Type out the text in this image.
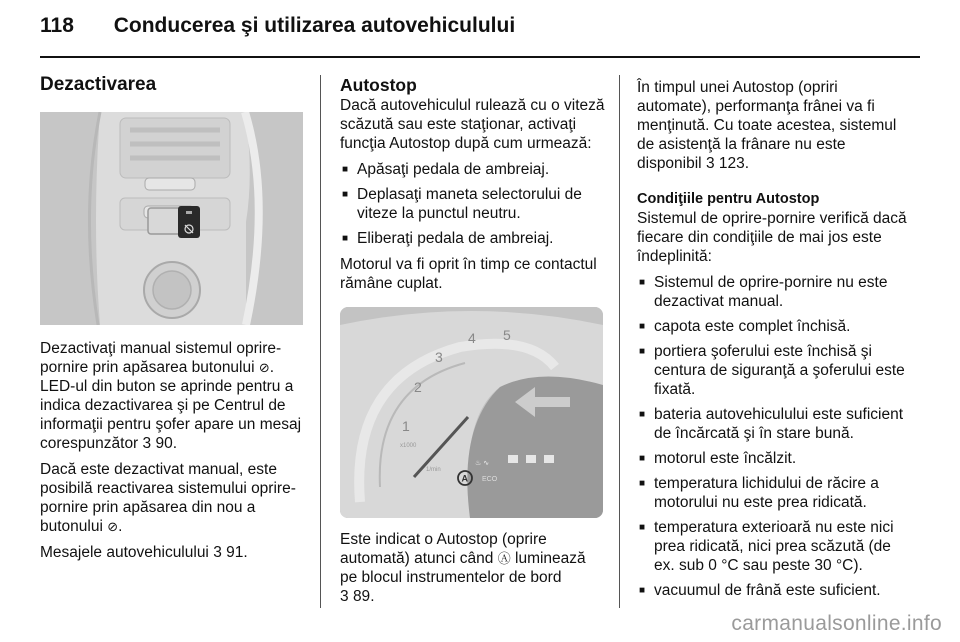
118 Conducerea şi utilizarea autovehiculului
Dezactivarea

Dezactivaţi manual sistemul oprire-pornire prin apăsarea butonului ⊘. LED-ul din buton se aprinde pentru a indica dezactivarea şi pe Centrul de informaţii pentru şofer apare un mesaj corespunzător 3 90.

Dacă este dezactivat manual, este posibilă reactivarea sistemului oprire-pornire prin apăsarea din nou a butonului ⊘.

Mesajele autovehiculului 3 91.

Autostop

Dacă autovehiculul rulează cu o viteză scăzută sau este staţionar, activaţi funcţia Autostop după cum urmează:

■ Apăsaţi pedala de ambreiaj.
■ Deplasaţi maneta selectorului de viteze la punctul neutru.
■ Eliberaţi pedala de ambreiaj.

Motorul va fi oprit în timp ce contactul rămâne cuplat.

1
2
3
4 5
x1000
1/min
♨ ∿
A ECO

Este indicat o Autostop (oprire automată) atunci când Ⓐ luminează pe blocul instrumentelor de bord
3 89.

În timpul unei Autostop (opriri automate), performanţa frânei va fi menţinută. Cu toate acestea, sistemul de asistenţă la frânare nu este disponibil 3 123.

Condiţiile pentru Autostop

Sistemul de oprire-pornire verifică dacă fiecare din condiţiile de mai jos este îndeplinită:

■ Sistemul de oprire-pornire nu este dezactivat manual.
■ capota este complet închisă.
■ portiera şoferului este închisă şi centura de siguranţă a şoferului este fixată.
■ bateria autovehiculului este suficient de încărcată şi în stare bună.
■ motorul este încălzit.
■ temperatura lichidului de răcire a motorului nu este prea ridicată.
■ temperatura exterioară nu este nici prea ridicată, nici prea scăzută (de ex. sub 0 °C sau peste 30 °C).
■ vacuumul de frână este suficient.
carmanualsonline.info
